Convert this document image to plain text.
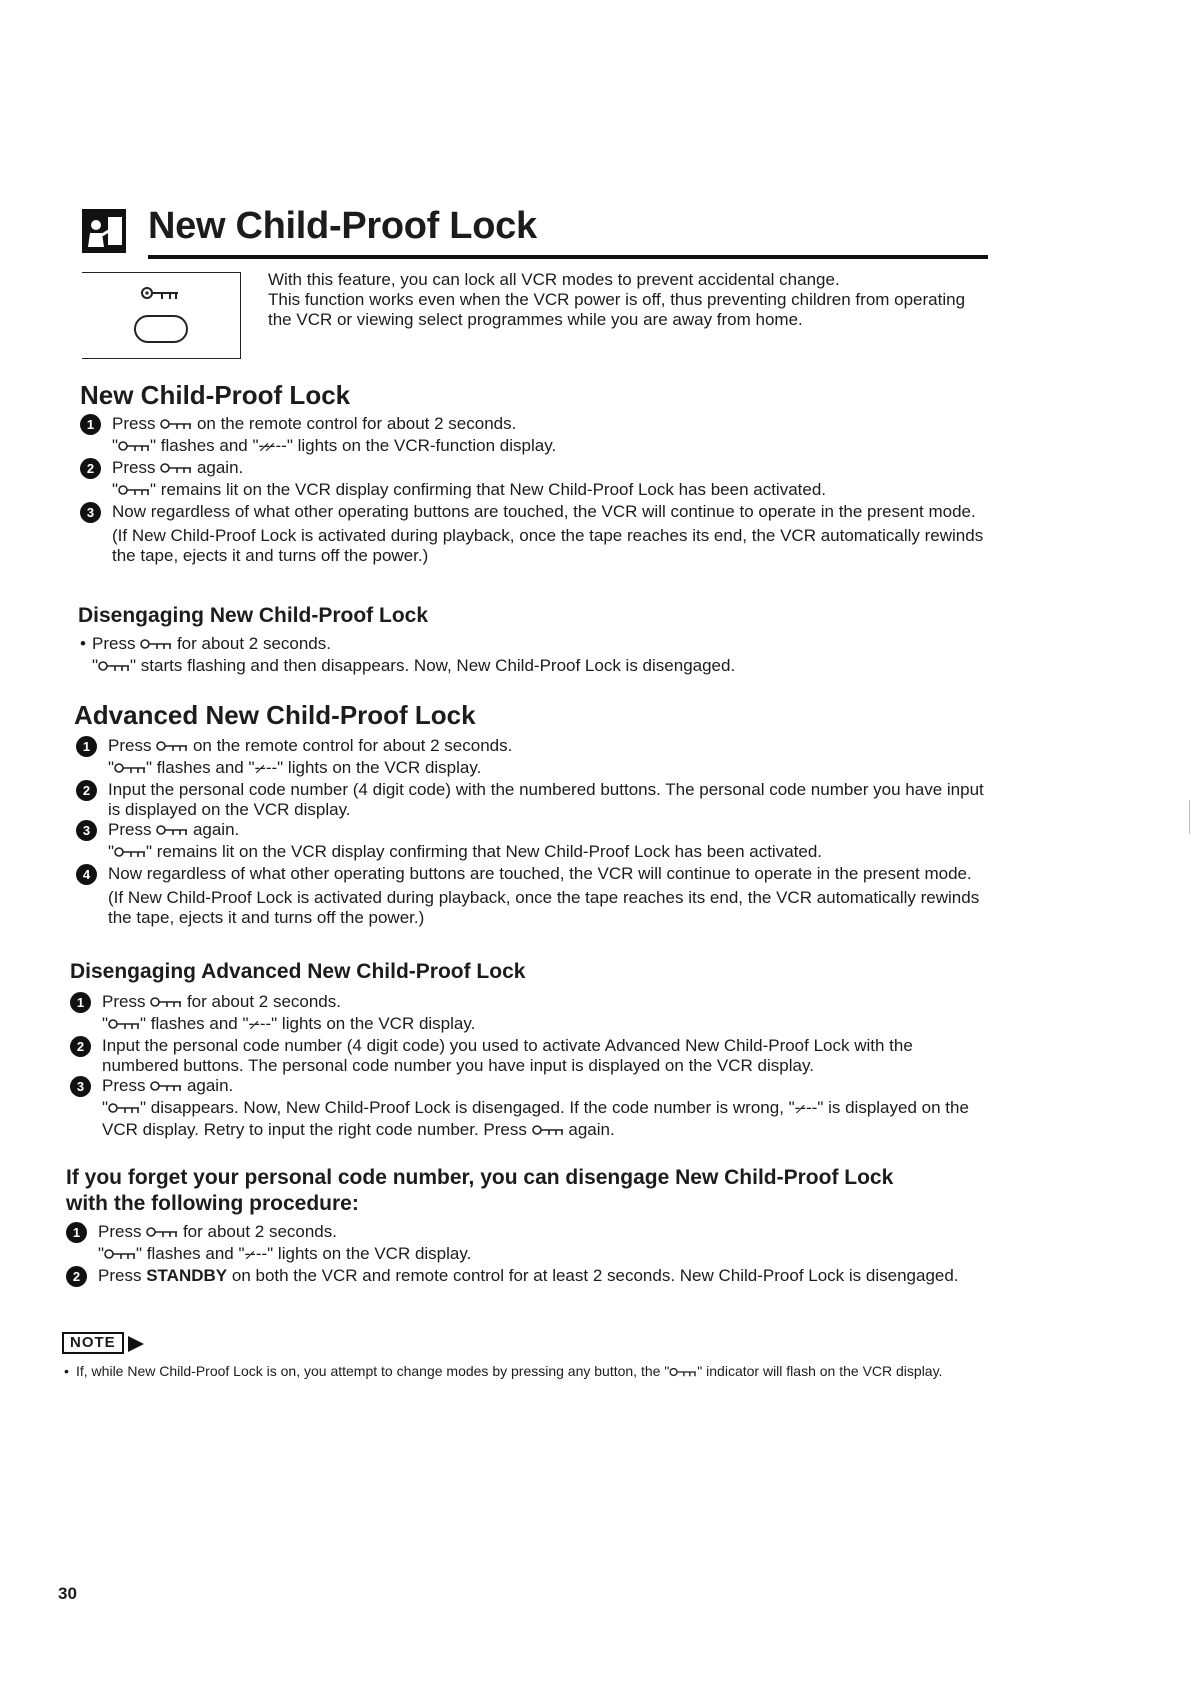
New Child-Proof Lock

With this feature, you can lock all VCR modes to prevent accidental change.

This function works even when the VCR power is off, thus preventing children from operating the VCR or viewing select programmes while you are away from home.

New Child-Proof Lock
1	Press on the remote control for about 2 seconds.

" " flashes and "-̷-̷---" lights on the VCR-function display.

2	Press again.

" " remains lit on the VCR display confirming that New Child-Proof Lock has been activated.

3	Now regardless of what other operating buttons are touched, the VCR will continue to operate in the present mode.

(If New Child-Proof Lock is activated during playback, once the tape reaches its end, the VCR automatically rewinds the tape, ejects it and turns off the power.)

Disengaging New Child-Proof Lock

• Press for about 2 seconds.

" " starts flashing and then disappears. Now, New Child-Proof Lock is disengaged.

Advanced New Child-Proof Lock
1	Press on the remote control for about 2 seconds.

" " flashes and "-̷---" lights on the VCR display.

2	Input the personal code number (4 digit code) with the numbered buttons. The personal code number you have input is displayed on the VCR display.

3	Press again.

" " remains lit on the VCR display confirming that New Child-Proof Lock has been activated.

4	Now regardless of what other operating buttons are touched, the VCR will continue to operate in the present mode.

(If New Child-Proof Lock is activated during playback, once the tape reaches its end, the VCR automatically rewinds the tape, ejects it and turns off the power.)

Disengaging Advanced New Child-Proof Lock
1	Press for about 2 seconds.

" " flashes and "-̷---" lights on the VCR display.

2	Input the personal code number (4 digit code) you used to activate Advanced New Child-Proof Lock with the numbered buttons. The personal code number you have input is displayed on the VCR display.

3	Press again.

" " disappears. Now, New Child-Proof Lock is disengaged. If the code number is wrong, "-̷---" is displayed on the VCR display. Retry to input the right code number. Press again.

If you forget your personal code number, you can disengage New Child-Proof Lock

with the following procedure:

1	Press for about 2 seconds.

" " flashes and "-̷---" lights on the VCR display.

2	Press STANDBY on both the VCR and remote control for at least 2 seconds. New Child-Proof Lock is disengaged.

NOTE

• If, while New Child-Proof Lock is on, you attempt to change modes by pressing any button, the " " indicator will flash on the VCR display.

30
